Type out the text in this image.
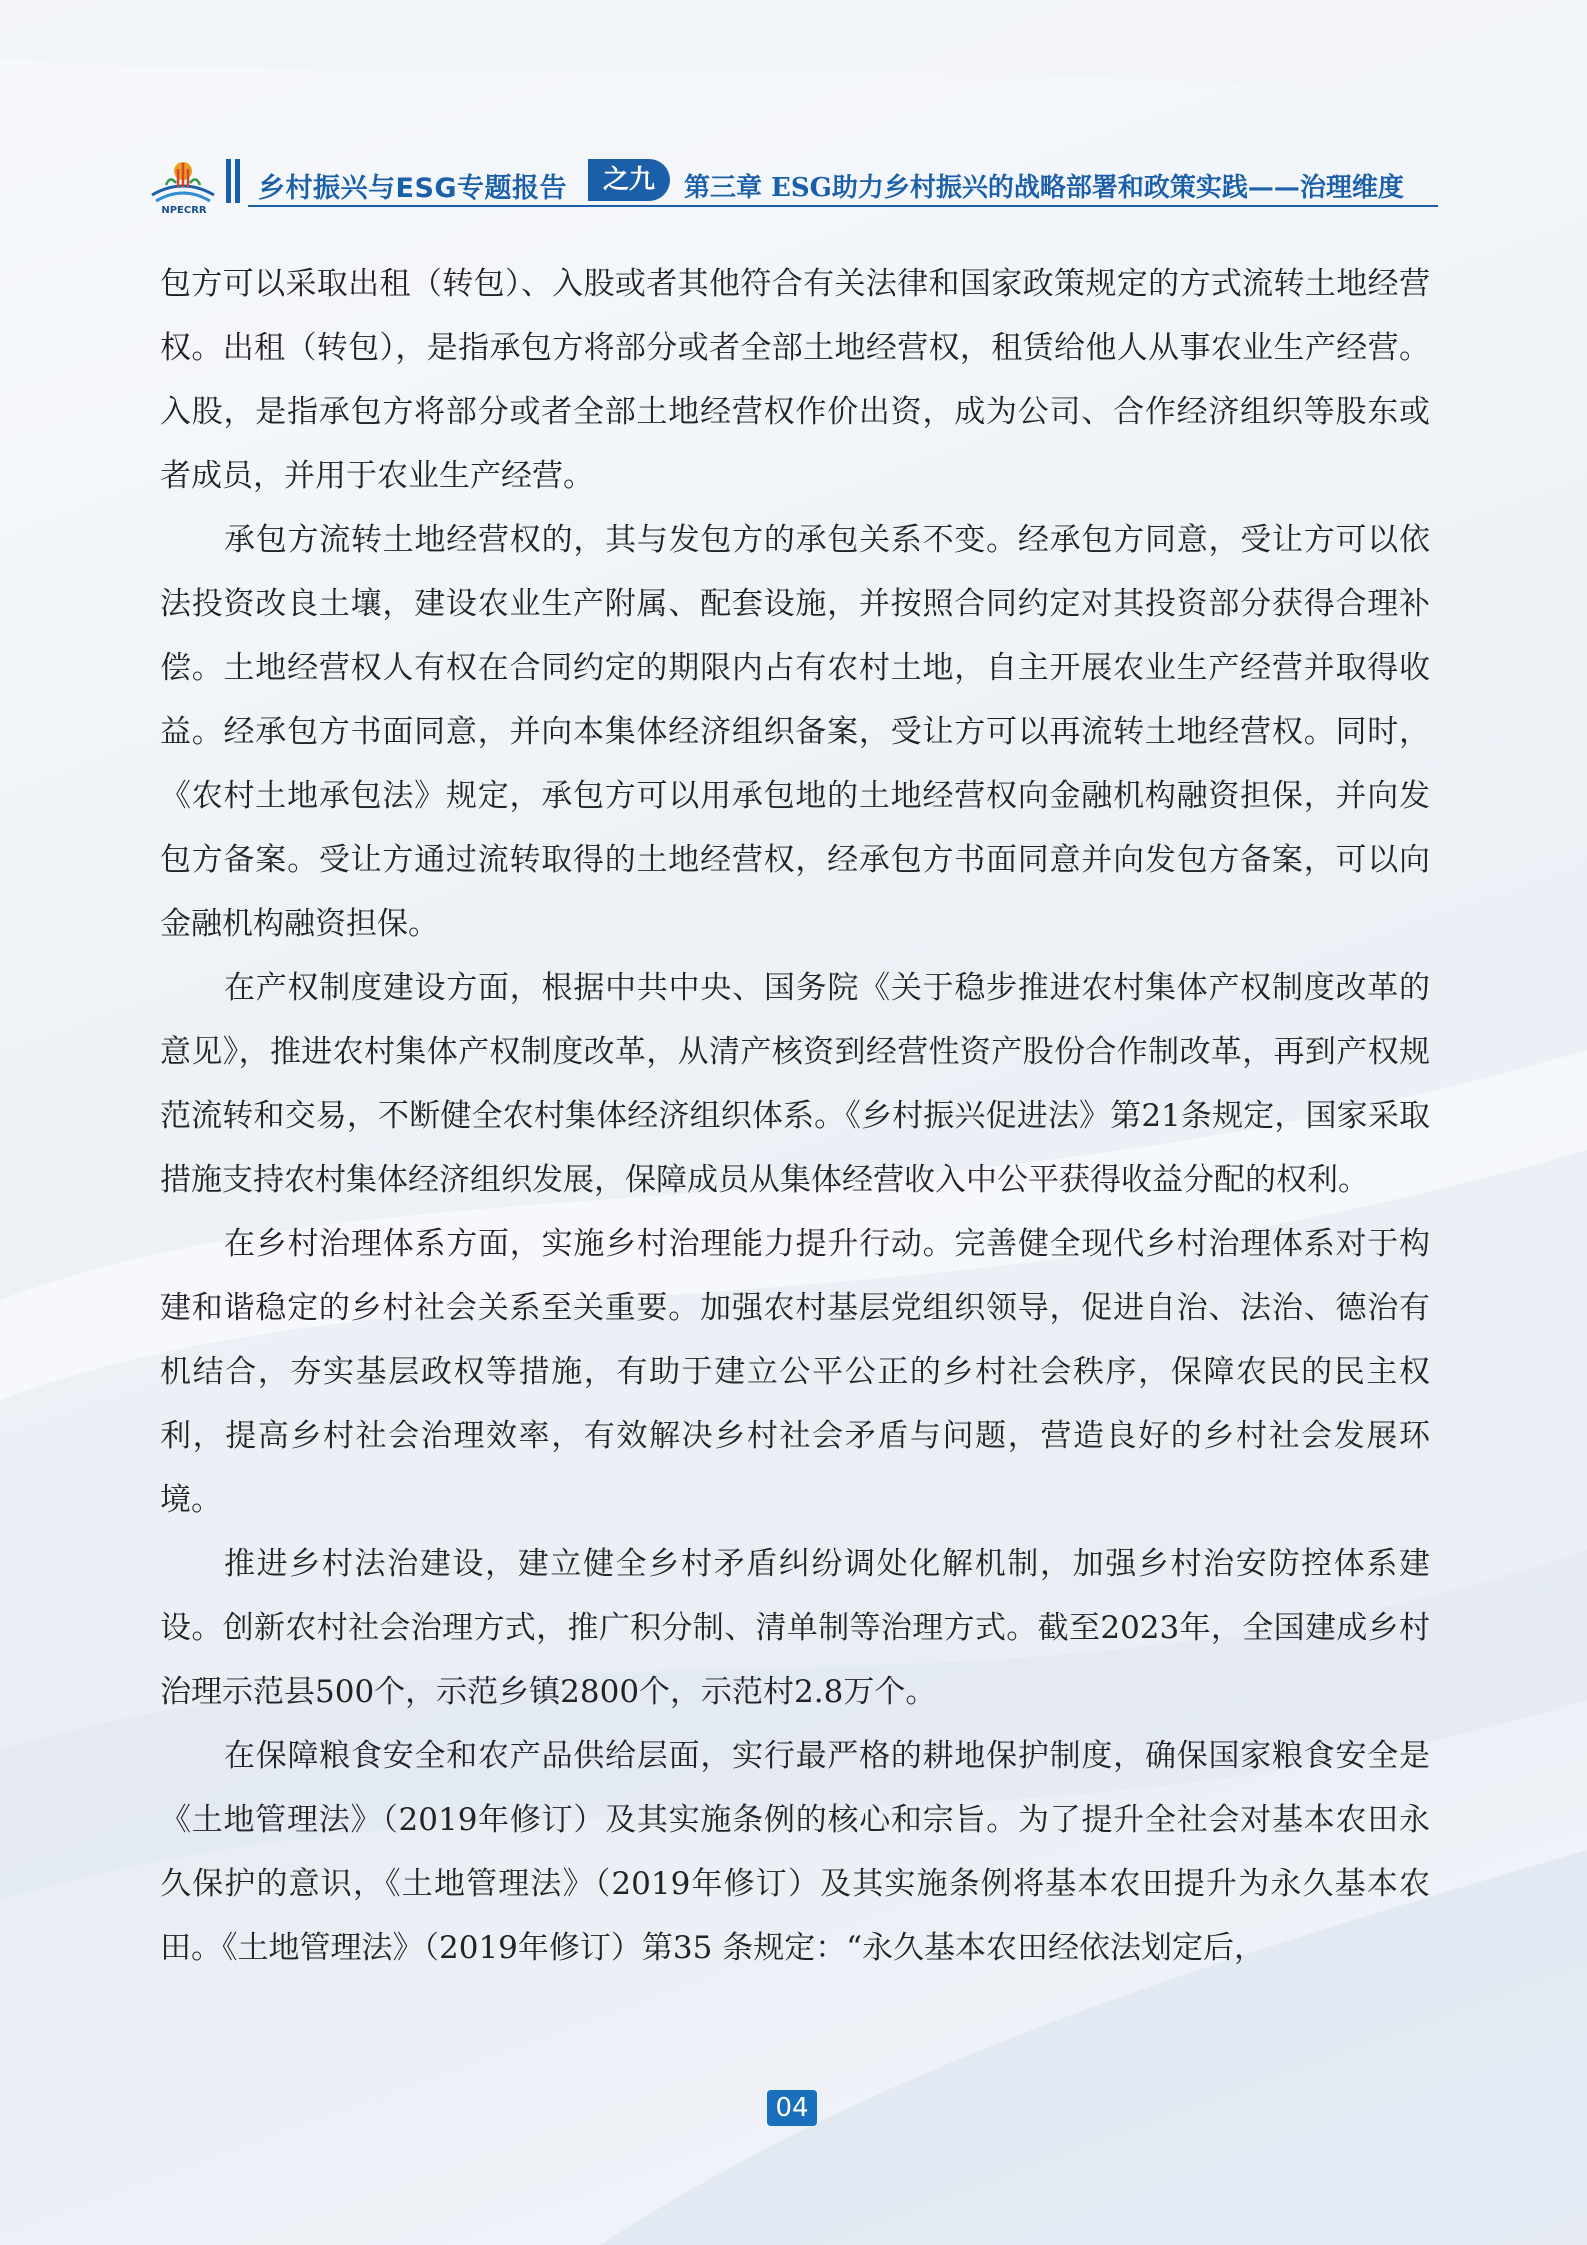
NPECRR
乡村振兴与ESG专题报告	之九	第三章 ESG助力乡村振兴的战略部署和政策实践——治理维度

包方可以采取出租（转包）、入股或者其他符合有关法律和国家政策规定的方式流转土地经营权。出租（转包），是指承包方将部分或者全部土地经营权，租赁给他人从事农业生产经营。入股，是指承包方将部分或者全部土地经营权作价出资，成为公司、合作经济组织等股东或者成员，并用于农业生产经营。

承包方流转土地经营权的，其与发包方的承包关系不变。经承包方同意，受让方可以依法投资改良土壤，建设农业生产附属、配套设施，并按照合同约定对其投资部分获得合理补偿。土地经营权人有权在合同约定的期限内占有农村土地，自主开展农业生产经营并取得收益。经承包方书面同意，并向本集体经济组织备案，受让方可以再流转土地经营权。同时，《农村土地承包法》规定，承包方可以用承包地的土地经营权向金融机构融资担保，并向发包方备案。受让方通过流转取得的土地经营权，经承包方书面同意并向发包方备案，可以向金融机构融资担保。

在产权制度建设方面，根据中共中央、国务院《关于稳步推进农村集体产权制度改革的意见》，推进农村集体产权制度改革，从清产核资到经营性资产股份合作制改革，再到产权规范流转和交易，不断健全农村集体经济组织体系。《乡村振兴促进法》第21条规定，国家采取措施支持农村集体经济组织发展，保障成员从集体经营收入中公平获得收益分配的权利。

在乡村治理体系方面，实施乡村治理能力提升行动。完善健全现代乡村治理体系对于构建和谐稳定的乡村社会关系至关重要。加强农村基层党组织领导，促进自治、法治、德治有机结合，夯实基层政权等措施，有助于建立公平公正的乡村社会秩序，保障农民的民主权利，提高乡村社会治理效率，有效解决乡村社会矛盾与问题，营造良好的乡村社会发展环境。

推进乡村法治建设，建立健全乡村矛盾纠纷调处化解机制，加强乡村治安防控体系建设。创新农村社会治理方式，推广积分制、清单制等治理方式。截至2023年，全国建成乡村治理示范县500个，示范乡镇2800个，示范村2.8万个。

在保障粮食安全和农产品供给层面，实行最严格的耕地保护制度，确保国家粮食安全是《土地管理法》（2019年修订）及其实施条例的核心和宗旨。为了提升全社会对基本农田永久保护的意识，《土地管理法》（2019年修订）及其实施条例将基本农田提升为永久基本农田。《土地管理法》（2019年修订）第35 条规定：“永久基本农田经依法划定后，

04
